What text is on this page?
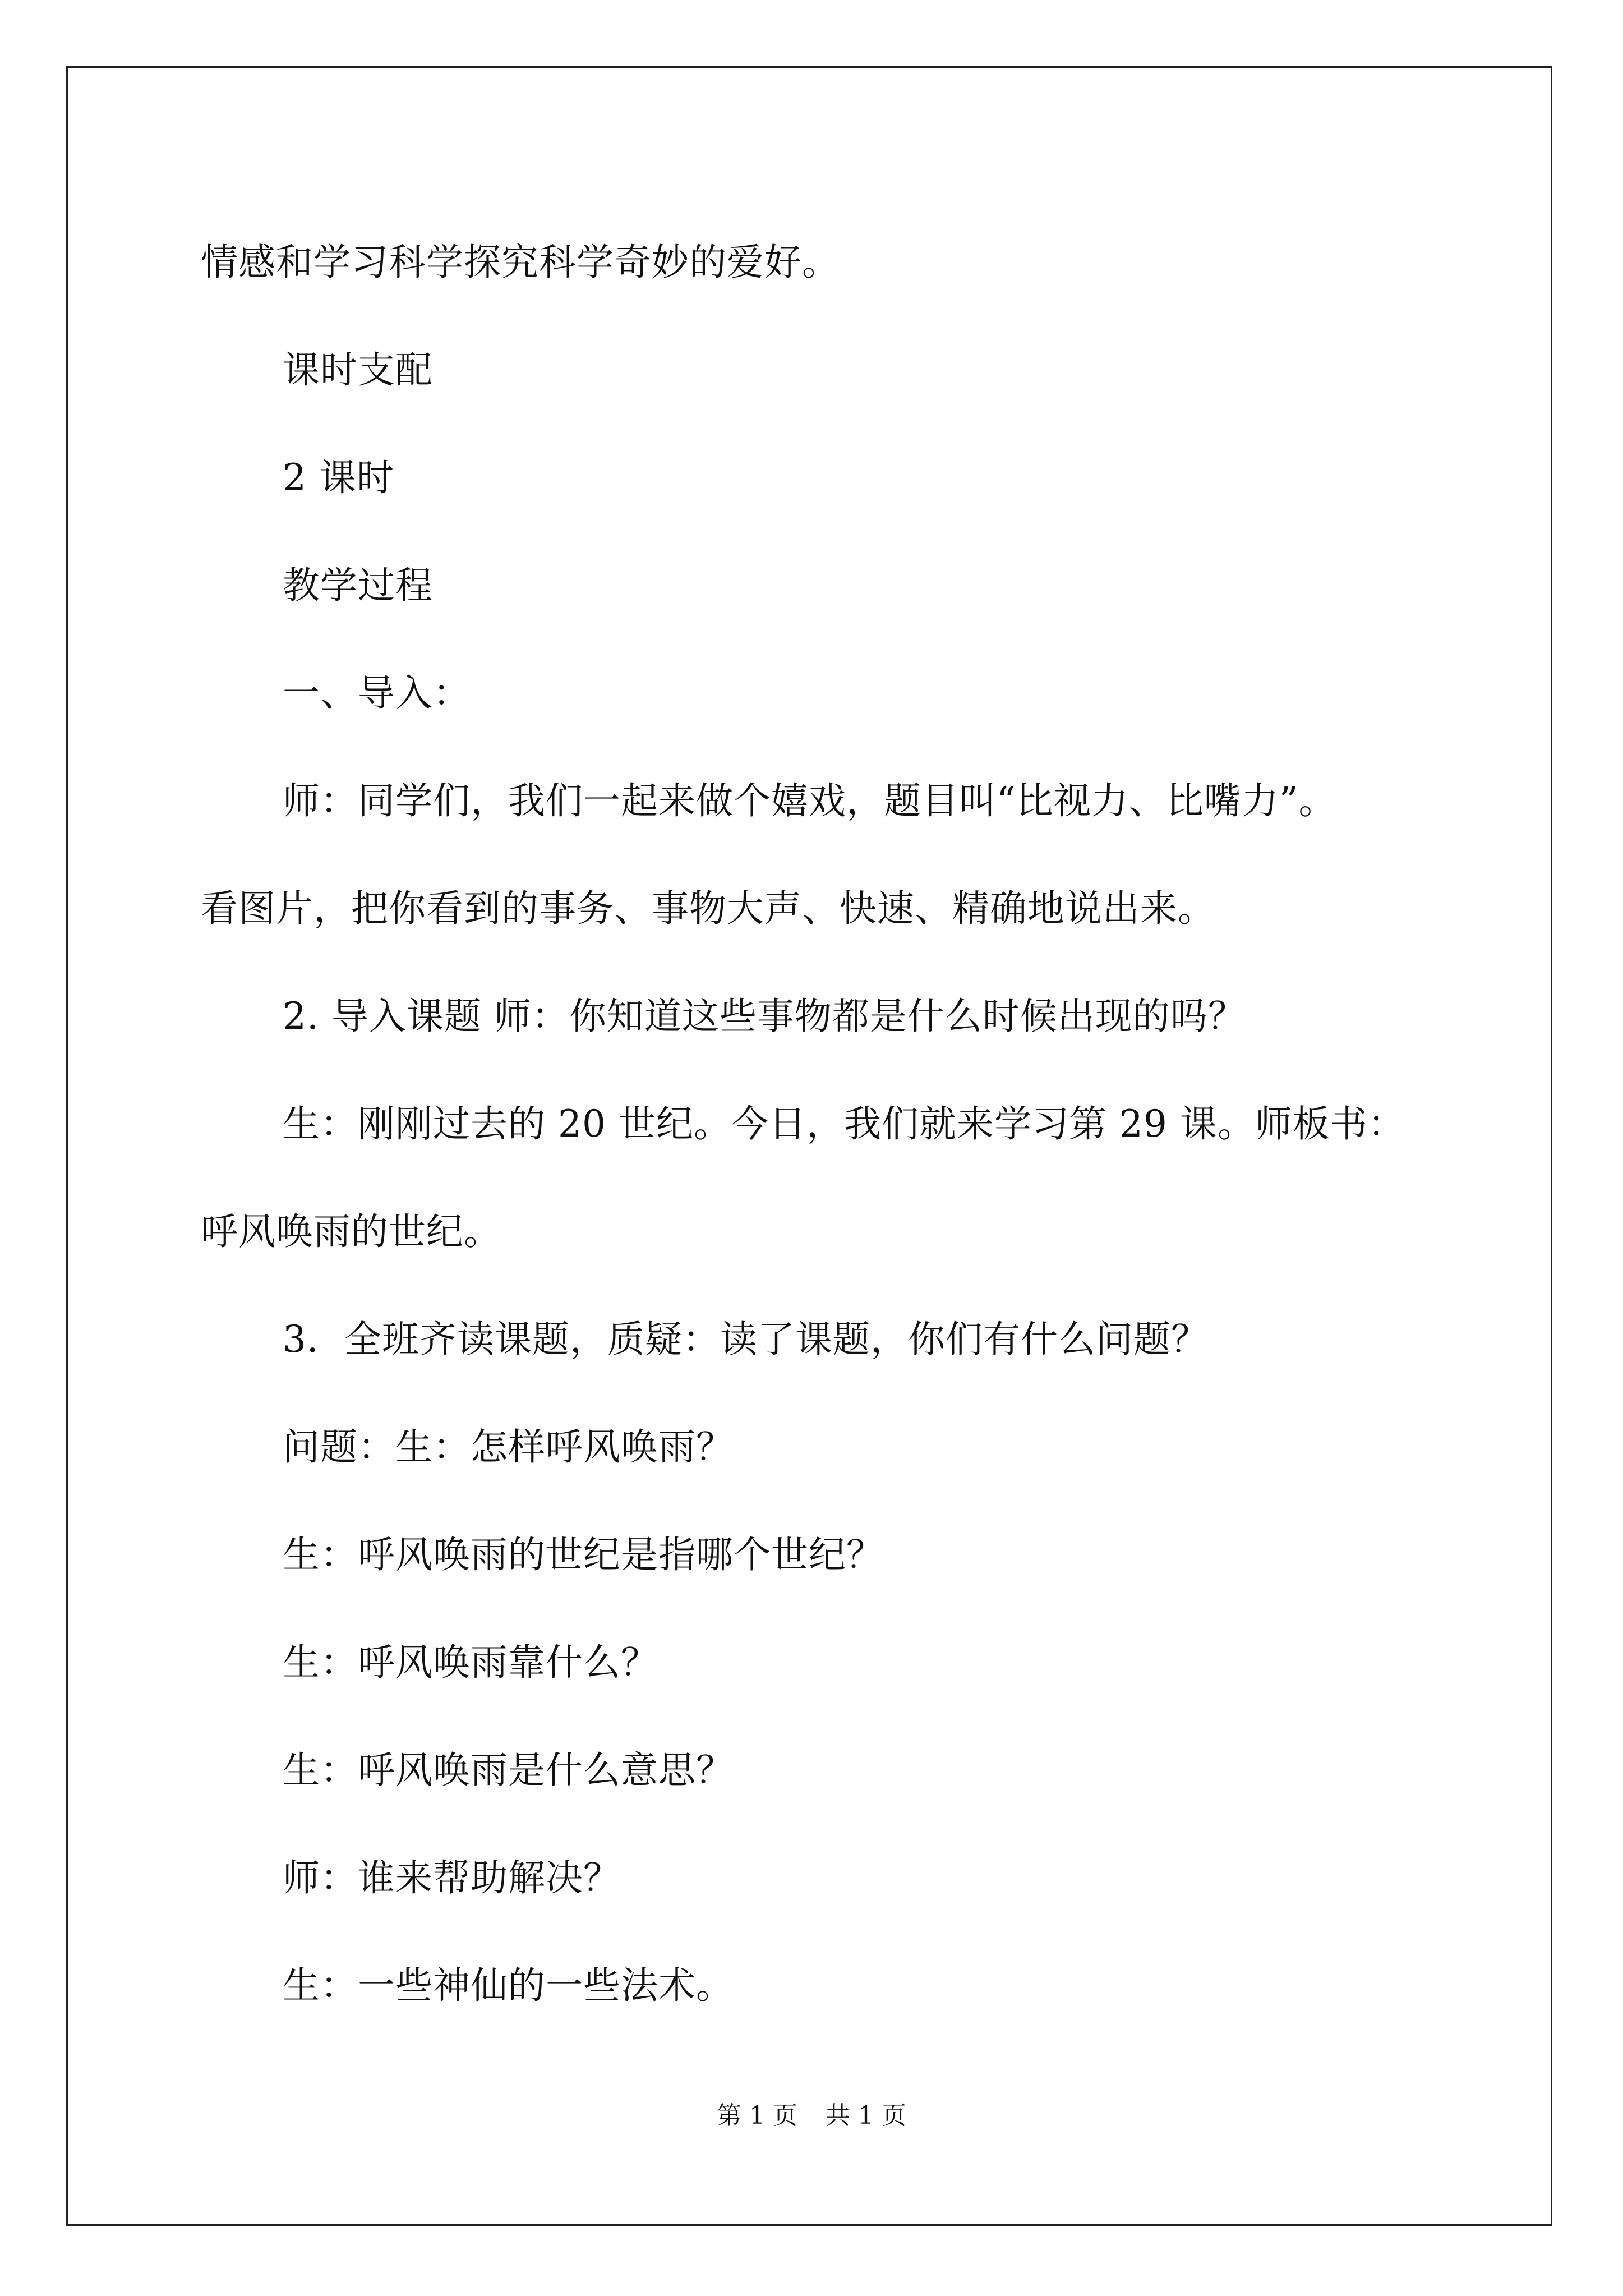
情感和学习科学探究科学奇妙的爱好。

课时支配

2 课时

教学过程

一、导入：

师：同学们，我们一起来做个嬉戏，题目叫“比视力、比嘴力”。

看图片，把你看到的事务、事物大声、快速、精确地说出来。

2. 导入课题 师：你知道这些事物都是什么时候出现的吗？

生：刚刚过去的 20 世纪。今日，我们就来学习第 29 课。师板书：

呼风唤雨的世纪。

3．全班齐读课题，质疑：读了课题，你们有什么问题？

问题：生：怎样呼风唤雨？

生：呼风唤雨的世纪是指哪个世纪？

生：呼风唤雨靠什么？

生：呼风唤雨是什么意思？

师：谁来帮助解决？

生：一些神仙的一些法术。

第 1 页 共 1 页
